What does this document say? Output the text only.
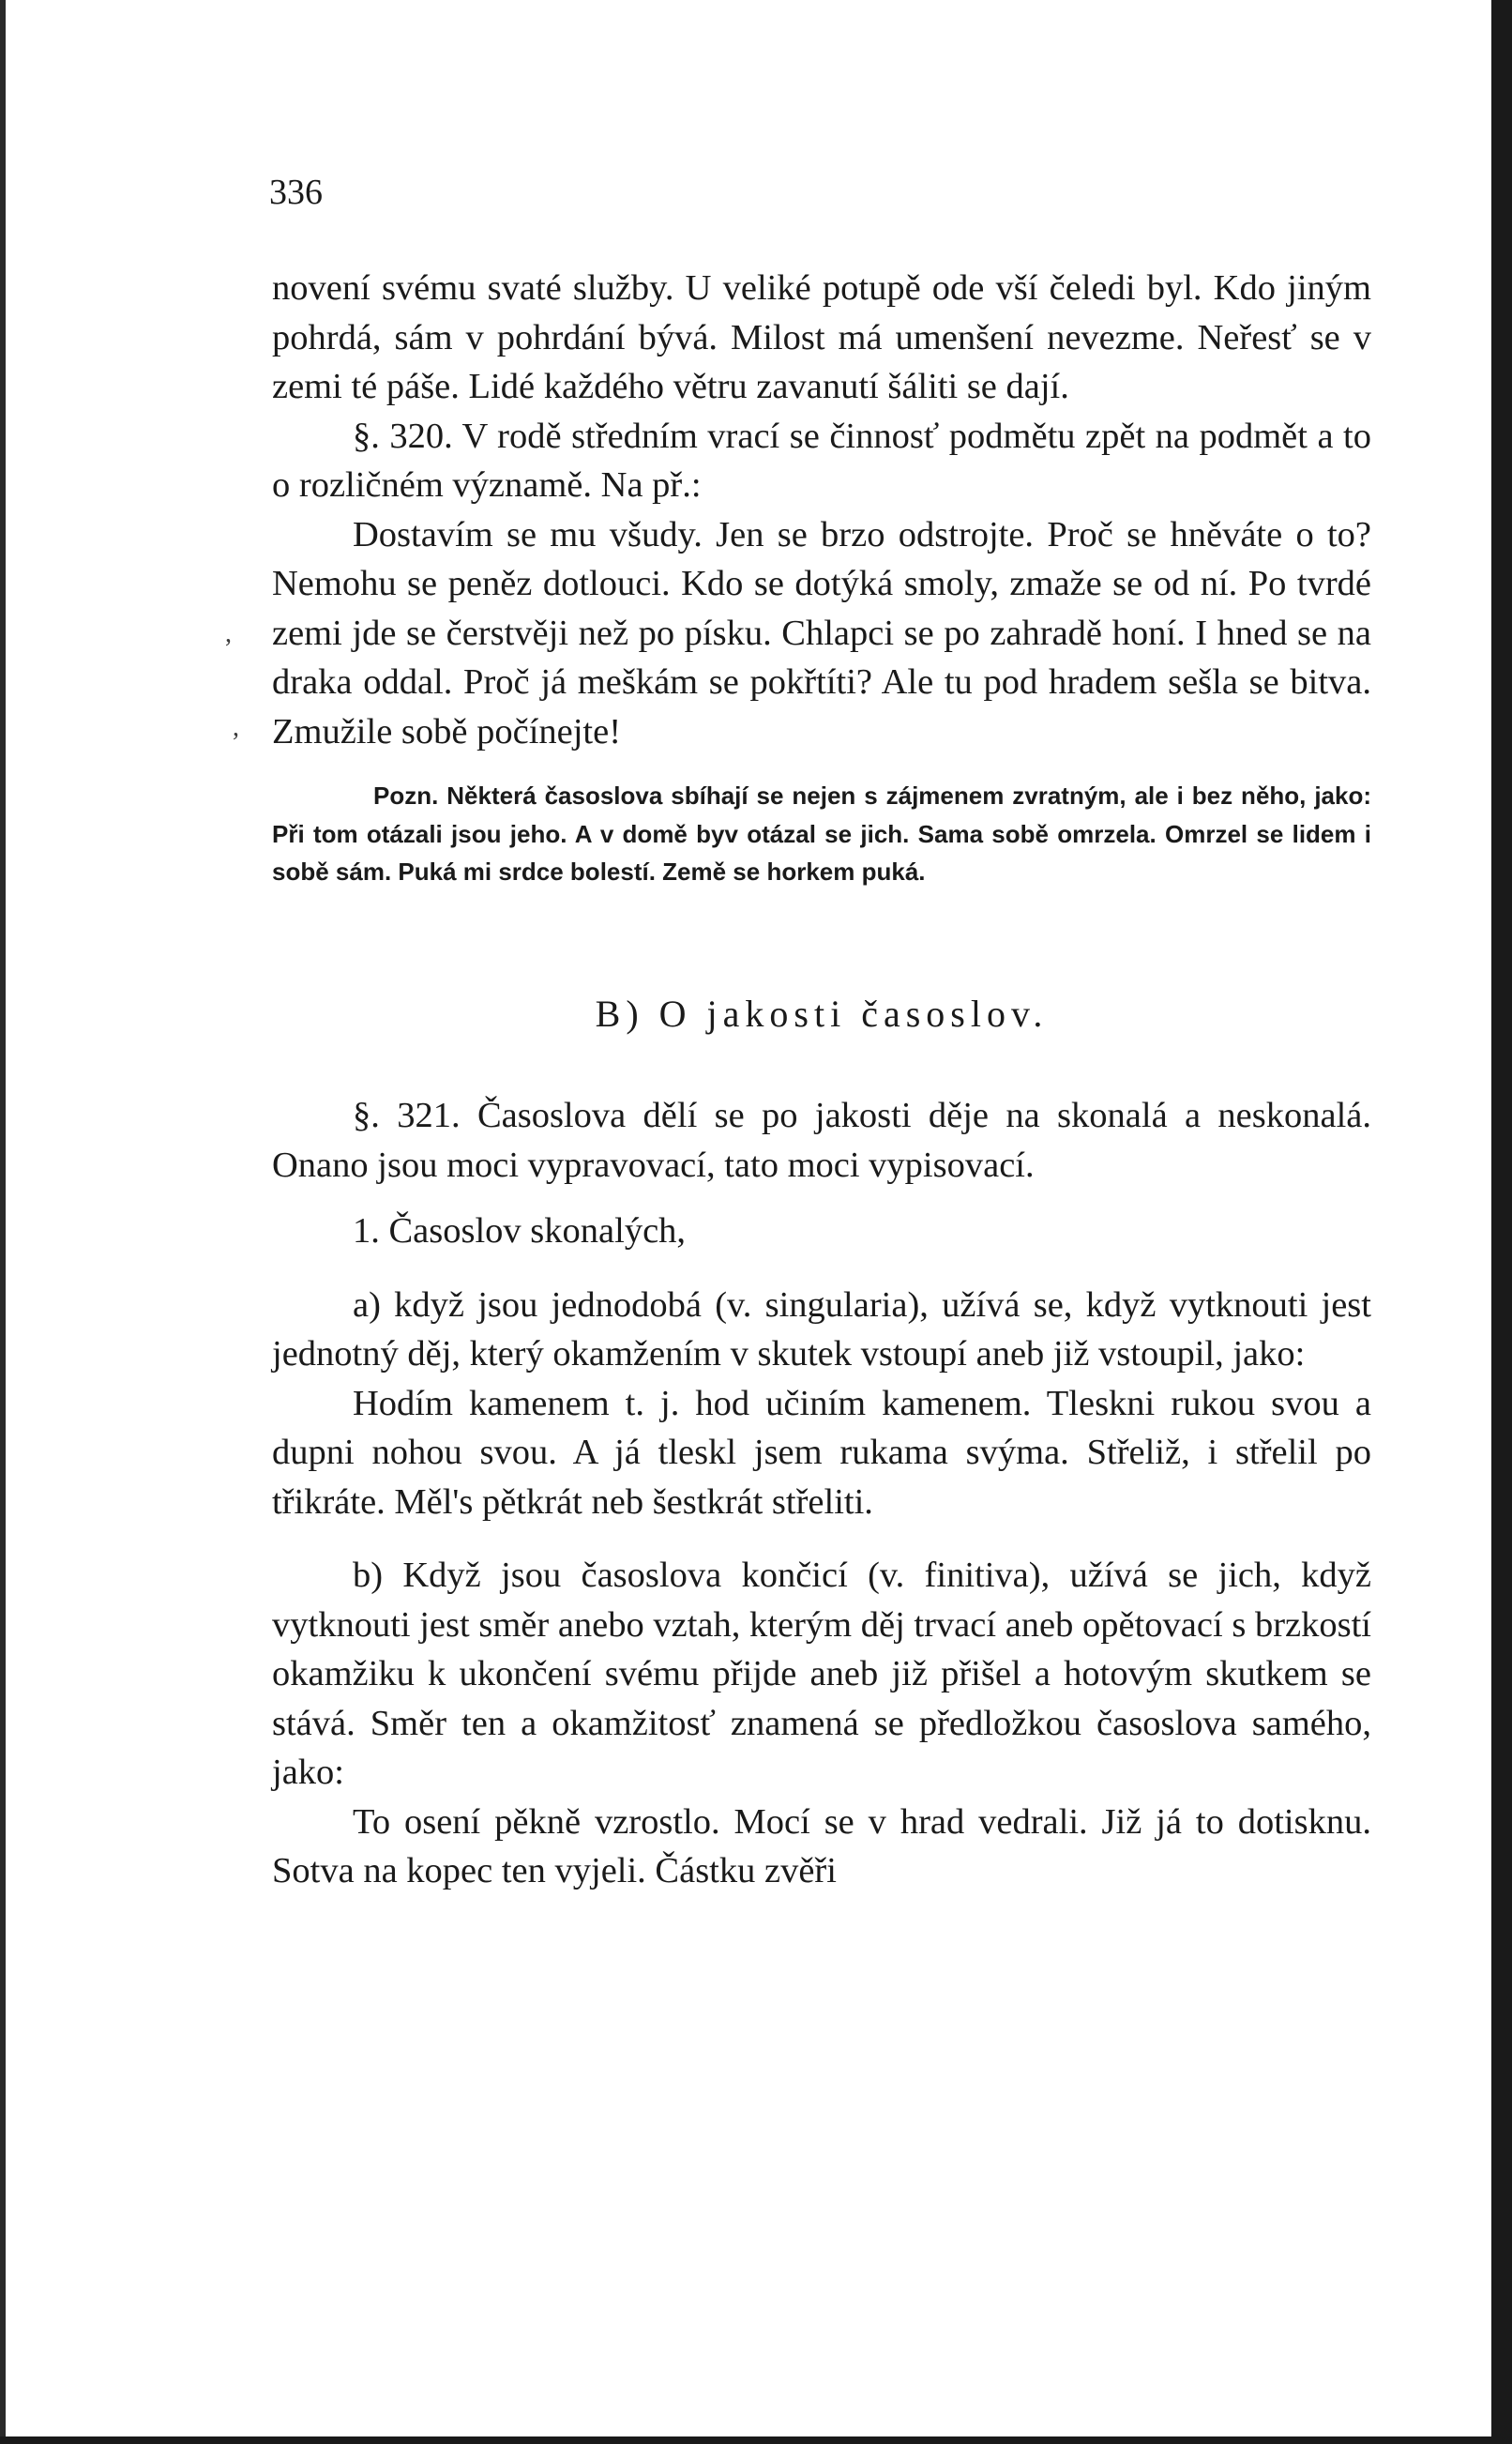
,
,
336

novení svému svaté služby. U veliké potupě ode vší čeledi byl. Kdo jiným pohrdá, sám v pohrdání bývá. Milost má umenšení nevezme. Neřesť se v zemi té páše. Lidé každého větru zavanutí šáliti se dají.

§. 320. V rodě středním vrací se činnosť podmětu zpět na podmět a to o rozličném významě. Na př.:

Dostavím se mu všudy. Jen se brzo odstrojte. Proč se hněváte o to? Nemohu se peněz dotlouci. Kdo se dotýká smoly, zmaže se od ní. Po tvrdé zemi jde se čerstvěji než po písku. Chlapci se po zahradě honí. I hned se na draka oddal. Proč já meškám se pokřtíti? Ale tu pod hradem sešla se bitva. Zmužile sobě počínejte!

Pozn. Některá časoslova sbíhají se nejen s zájmenem zvratným, ale i bez něho, jako: Při tom otázali jsou jeho. A v domě byv otázal se jich. Sama sobě omrzela. Omrzel se lidem i sobě sám. Puká mi srdce bolestí. Země se horkem puká.

B) O jakosti časoslov.

§. 321. Časoslova dělí se po jakosti děje na skonalá a neskonalá. Onano jsou moci vypravovací, tato moci vypisovací.

1. Časoslov skonalých,

a) když jsou jednodobá (v. singularia), užívá se, když vytknouti jest jednotný děj, který okamžením v skutek vstoupí aneb již vstoupil, jako:

Hodím kamenem t. j. hod učiním kamenem. Tleskni rukou svou a dupni nohou svou. A já tleskl jsem rukama svýma. Střeliž, i střelil po třikráte. Měl's pětkrát neb šestkrát střeliti.

b) Když jsou časoslova končicí (v. finitiva), užívá se jich, když vytknouti jest směr anebo vztah, kterým děj trvací aneb opětovací s brzkostí okamžiku k ukončení svému přijde aneb již přišel a hotovým skutkem se stává. Směr ten a okamžitosť znamená se předložkou časoslova samého, jako:

To osení pěkně vzrostlo. Mocí se v hrad vedrali. Již já to dotisknu. Sotva na kopec ten vyjeli. Částku zvěři
